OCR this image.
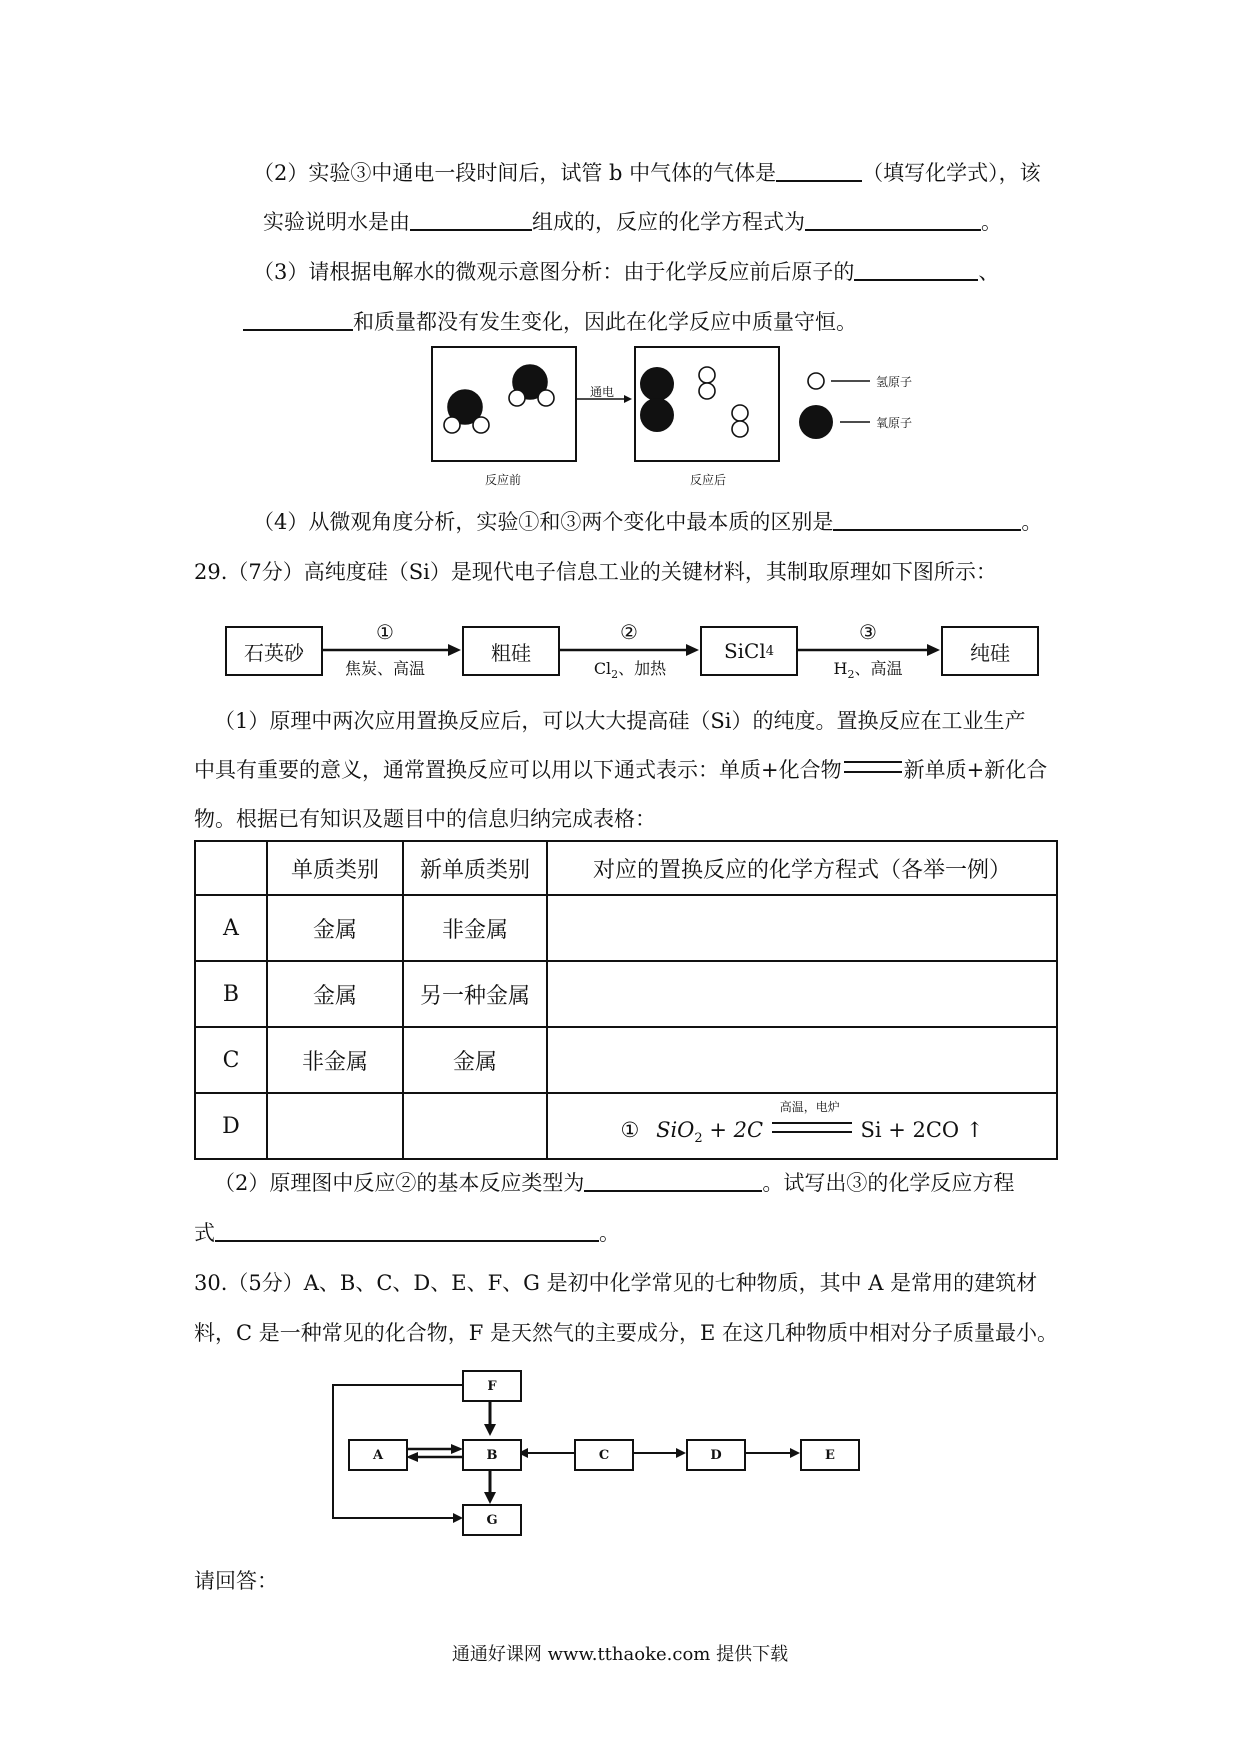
（2）实验③中通电一段时间后，试管 b 中气体的气体是	（填写化学式），该
实验说明水是由	组成的，反应的化学方程式为	。
（3）请根据电解水的微观示意图分析：由于化学反应前后原子的	、
和质量都没有发生变化，因此在化学反应中质量守恒。
通电
反应前	反应后
氢原子
氧原子
（4）从微观角度分析，实验①和③两个变化中最本质的区别是	。
29.（7分）高纯度硅（Si）是现代电子信息工业的关键材料，其制取原理如下图所示：
石英砂	粗硅	SiCl 4	纯硅
①
焦炭、高温
②
$Cl_2$、加热
③
$H_2$、高温
（1）原理中两次应用置换反应后，可以大大提高硅（Si）的纯度。置换反应在工业生产
中具有重要的意义，通常置换反应可以用以下通式表示：单质+化合物	新单质+新化合
物。根据已有知识及题目中的信息归纳完成表格：
	单质类别	新单质类别	对应的置换反应的化学方程式（各举一例）
A	金属	非金属	
B	金属	另一种金属	
C	非金属	金属	
D			① SiO$_2$ + 2C
高温，电炉
Si + 2CO ↑
（2）原理图中反应②的基本反应类型为	。试写出③的化学反应方程
式	。
30.（5分）A、B、C、D、E、F、G 是初中化学常见的七种物质，其中 A 是常用的建筑材
料，C 是一种常见的化合物，F 是天然气的主要成分，E 在这几种物质中相对分子质量最小。
F
A	B	C	D	E
G
请回答：
通通好课网 www.tthaoke.com 提供下载
